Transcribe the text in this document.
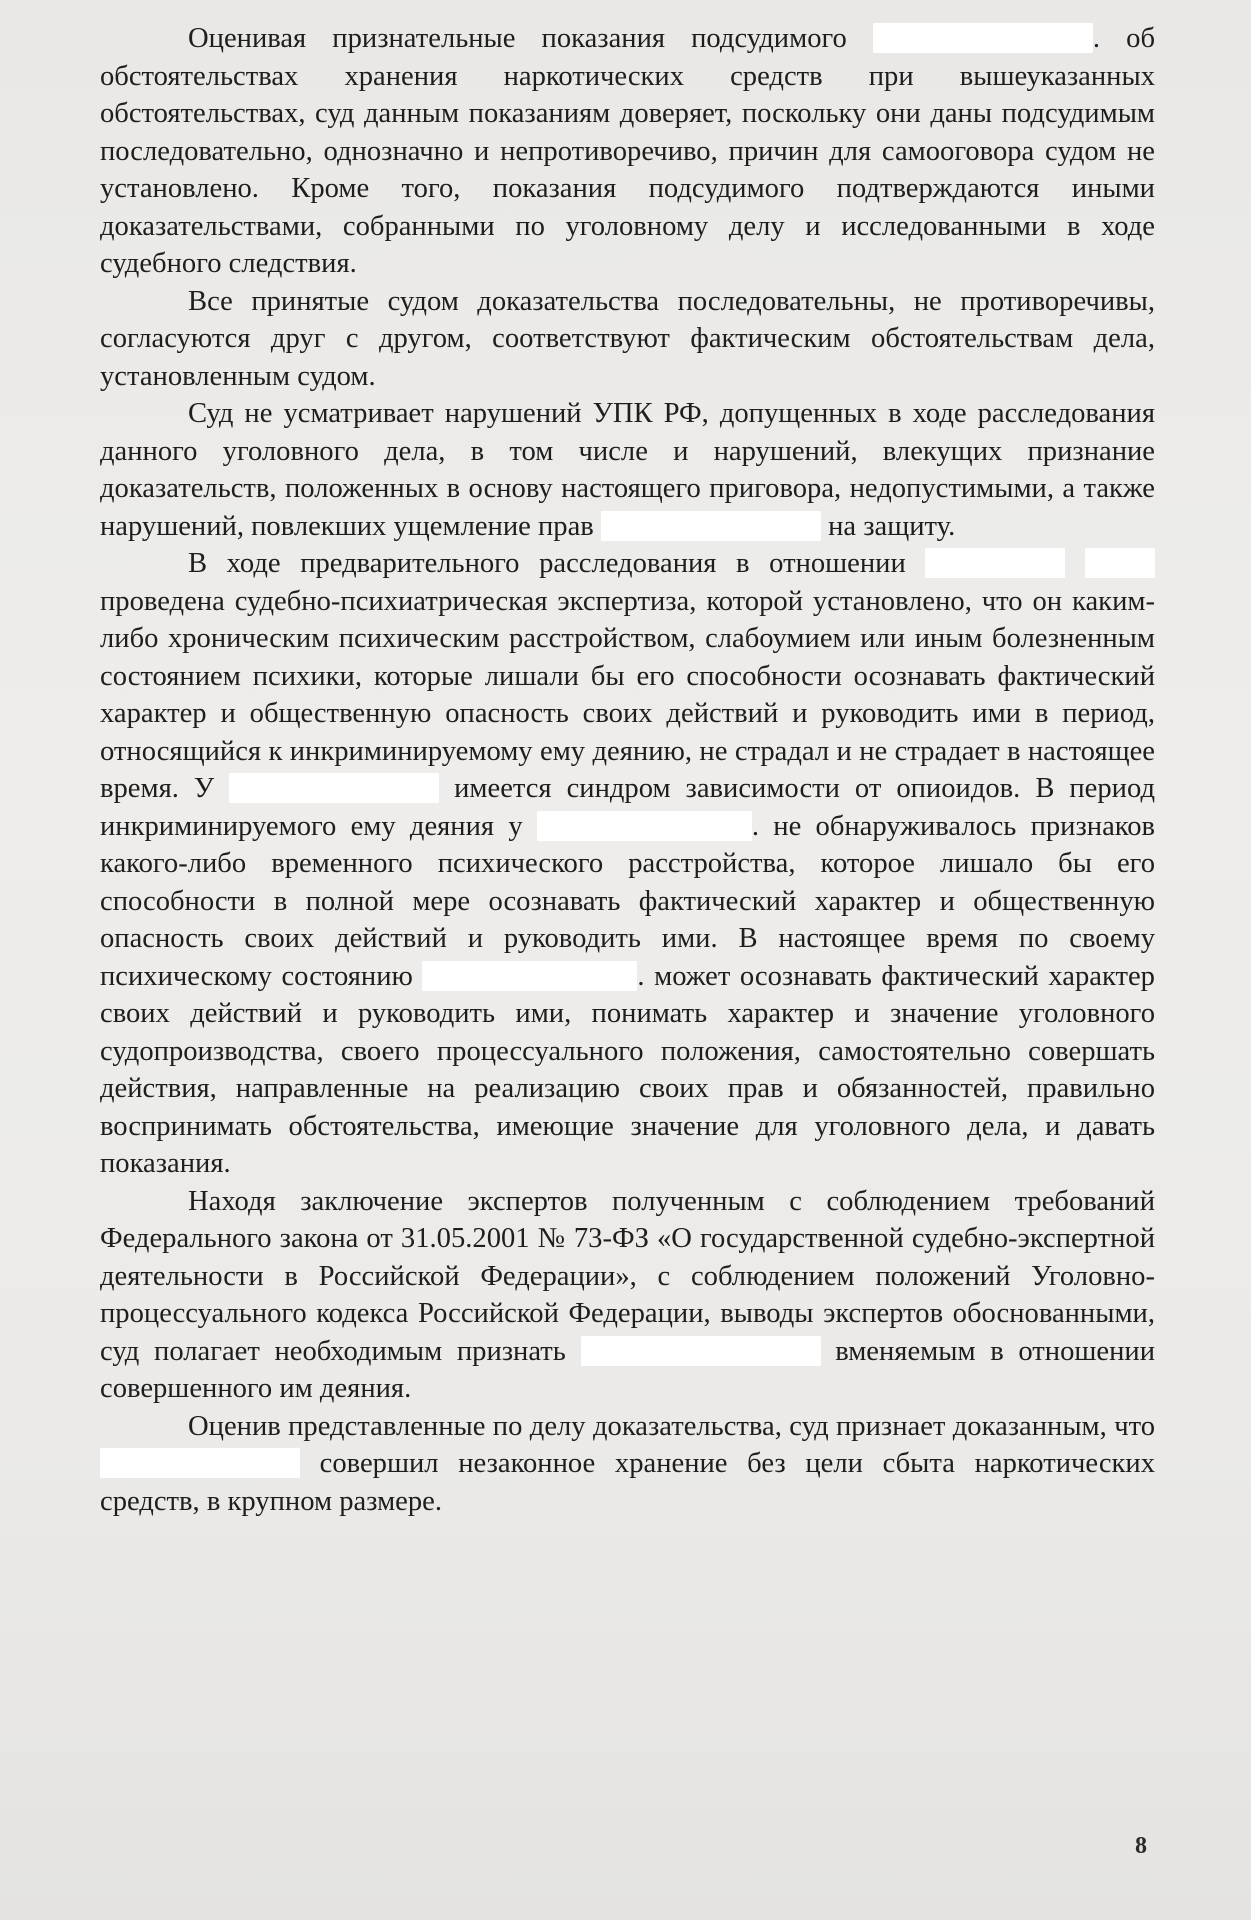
Оценивая признательные показания подсудимого	. об обстоятельствах хранения наркотических средств при вышеуказанных обстоятельствах, суд данным показаниям доверяет, поскольку они даны подсудимым последовательно, однозначно и непротиворечиво, причин для самооговора судом не установлено. Кроме того, показания подсудимого подтверждаются иными доказательствами, собранными по уголовному делу и исследованными в ходе судебного следствия.

Все принятые судом доказательства последовательны, не противоречивы, согласуются друг с другом, соответствуют фактическим обстоятельствам дела, установленным судом.

Суд не усматривает нарушений УПК РФ, допущенных в ходе расследования данного уголовного дела, в том числе и нарушений, влекущих признание доказательств, положенных в основу настоящего приговора, недопустимыми, а также нарушений, повлекших ущемление прав	на защиту.

В ходе предварительного расследования в отношении   проведена судебно-психиатрическая экспертиза, которой установлено, что он каким-либо хроническим психическим расстройством, слабоумием или иным болезненным состоянием психики, которые лишали бы его способности осознавать фактический характер и общественную опасность своих действий и руководить ими в период, относящийся к инкриминируемому ему деянию, не страдал и не страдает в настоящее время. У	имеется синдром зависимости от опиоидов. В период инкриминируемого ему деяния у	. не обнаруживалось признаков какого-либо временного психического расстройства, которое лишало бы его способности в полной мере осознавать фактический характер и общественную опасность своих действий и руководить ими. В настоящее время по своему психическому состоянию	. может осознавать фактический характер своих действий и руководить ими, понимать характер и значение уголовного судопроизводства, своего процессуального положения, самостоятельно совершать действия, направленные на реализацию своих прав и обязанностей, правильно воспринимать обстоятельства, имеющие значение для уголовного дела, и давать показания.

Находя заключение экспертов полученным с соблюдением требований Федерального закона от 31.05.2001 № 73-ФЗ «О государственной судебно-экспертной деятельности в Российской Федерации», с соблюдением положений Уголовно-процессуального кодекса Российской Федерации, выводы экспертов обоснованными, суд полагает необходимым признать	вменяемым в отношении совершенного им деяния.

Оценив представленные по делу доказательства, суд признает доказанным, что  совершил незаконное хранение без цели сбыта наркотических средств, в крупном размере.

8
